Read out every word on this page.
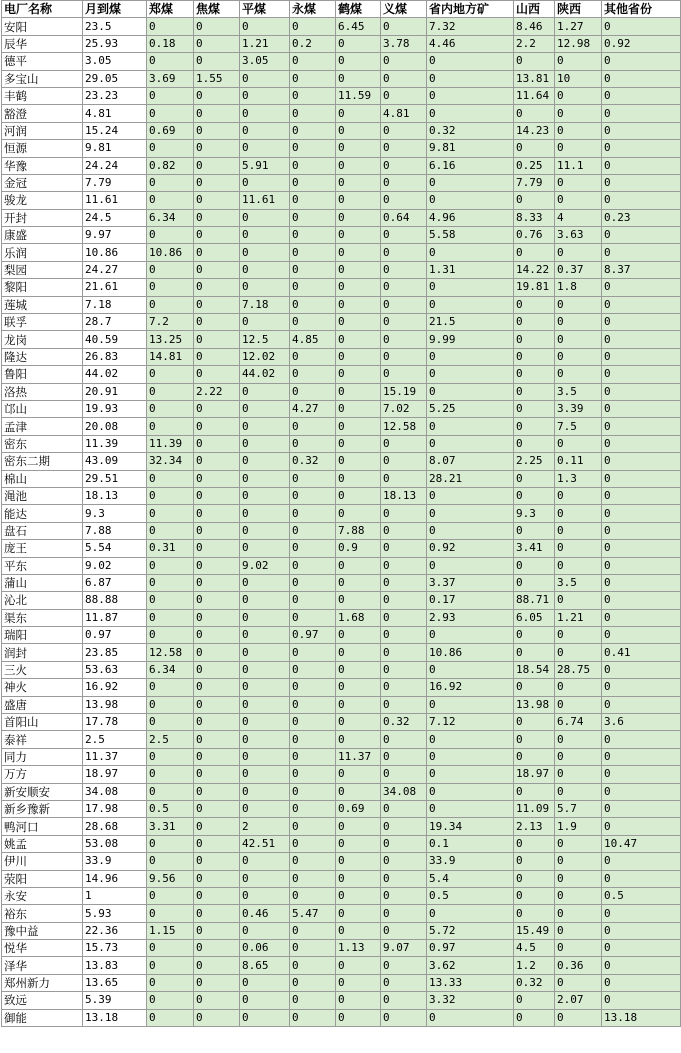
电厂名称	月到煤	郑煤	焦煤	平煤	永煤	鹤煤	义煤	省内地方矿	山西	陕西	其他省份
安阳	23.5	0	0	0	0	6.45	0	7.32	8.46	1.27	0
辰华	25.93	0.18	0	1.21	0.2	0	3.78	4.46	2.2	12.98	0.92
德平	3.05	0	0	3.05	0	0	0	0	0	0	0
多宝山	29.05	3.69	1.55	0	0	0	0	0	13.81	10	0
丰鹤	23.23	0	0	0	0	11.59	0	0	11.64	0	0
豁澄	4.81	0	0	0	0	0	4.81	0	0	0	0
河润	15.24	0.69	0	0	0	0	0	0.32	14.23	0	0
恒源	9.81	0	0	0	0	0	0	9.81	0	0	0
华豫	24.24	0.82	0	5.91	0	0	0	6.16	0.25	11.1	0
金冠	7.79	0	0	0	0	0	0	0	7.79	0	0
骏龙	11.61	0	0	11.61	0	0	0	0	0	0	0
开封	24.5	6.34	0	0	0	0	0.64	4.96	8.33	4	0.23
康盛	9.97	0	0	0	0	0	0	5.58	0.76	3.63	0
乐润	10.86	10.86	0	0	0	0	0	0	0	0	0
梨园	24.27	0	0	0	0	0	0	1.31	14.22	0.37	8.37
黎阳	21.61	0	0	0	0	0	0	0	19.81	1.8	0
莲城	7.18	0	0	7.18	0	0	0	0	0	0	0
联孚	28.7	7.2	0	0	0	0	0	21.5	0	0	0
龙岗	40.59	13.25	0	12.5	4.85	0	0	9.99	0	0	0
隆达	26.83	14.81	0	12.02	0	0	0	0	0	0	0
鲁阳	44.02	0	0	44.02	0	0	0	0	0	0	0
洛热	20.91	0	2.22	0	0	0	15.19	0	0	3.5	0
邙山	19.93	0	0	0	4.27	0	7.02	5.25	0	3.39	0
孟津	20.08	0	0	0	0	0	12.58	0	0	7.5	0
密东	11.39	11.39	0	0	0	0	0	0	0	0	0
密东二期	43.09	32.34	0	0	0.32	0	0	8.07	2.25	0.11	0
棉山	29.51	0	0	0	0	0	0	28.21	0	1.3	0
渑池	18.13	0	0	0	0	0	18.13	0	0	0	0
能达	9.3	0	0	0	0	0	0	0	9.3	0	0
盘石	7.88	0	0	0	0	7.88	0	0	0	0	0
庞王	5.54	0.31	0	0	0	0.9	0	0.92	3.41	0	0
平东	9.02	0	0	9.02	0	0	0	0	0	0	0
蒲山	6.87	0	0	0	0	0	0	3.37	0	3.5	0
沁北	88.88	0	0	0	0	0	0	0.17	88.71	0	0
渠东	11.87	0	0	0	0	1.68	0	2.93	6.05	1.21	0
瑞阳	0.97	0	0	0	0.97	0	0	0	0	0	0
润封	23.85	12.58	0	0	0	0	0	10.86	0	0	0.41
三火	53.63	6.34	0	0	0	0	0	0	18.54	28.75	0
神火	16.92	0	0	0	0	0	0	16.92	0	0	0
盛唐	13.98	0	0	0	0	0	0	0	13.98	0	0
首阳山	17.78	0	0	0	0	0	0.32	7.12	0	6.74	3.6
泰祥	2.5	2.5	0	0	0	0	0	0	0	0	0
同力	11.37	0	0	0	0	11.37	0	0	0	0	0
万方	18.97	0	0	0	0	0	0	0	18.97	0	0
新安顺安	34.08	0	0	0	0	0	34.08	0	0	0	0
新乡豫新	17.98	0.5	0	0	0	0.69	0	0	11.09	5.7	0
鸭河口	28.68	3.31	0	2	0	0	0	19.34	2.13	1.9	0
姚孟	53.08	0	0	42.51	0	0	0	0.1	0	0	10.47
伊川	33.9	0	0	0	0	0	0	33.9	0	0	0
荥阳	14.96	9.56	0	0	0	0	0	5.4	0	0	0
永安	1	0	0	0	0	0	0	0.5	0	0	0.5
裕东	5.93	0	0	0.46	5.47	0	0	0	0	0	0
豫中益	22.36	1.15	0	0	0	0	0	5.72	15.49	0	0
悦华	15.73	0	0	0.06	0	1.13	9.07	0.97	4.5	0	0
泽华	13.83	0	0	8.65	0	0	0	3.62	1.2	0.36	0
郑州新力	13.65	0	0	0	0	0	0	13.33	0.32	0	0
致远	5.39	0	0	0	0	0	0	3.32	0	2.07	0
御能	13.18	0	0	0	0	0	0	0	0	0	13.18
